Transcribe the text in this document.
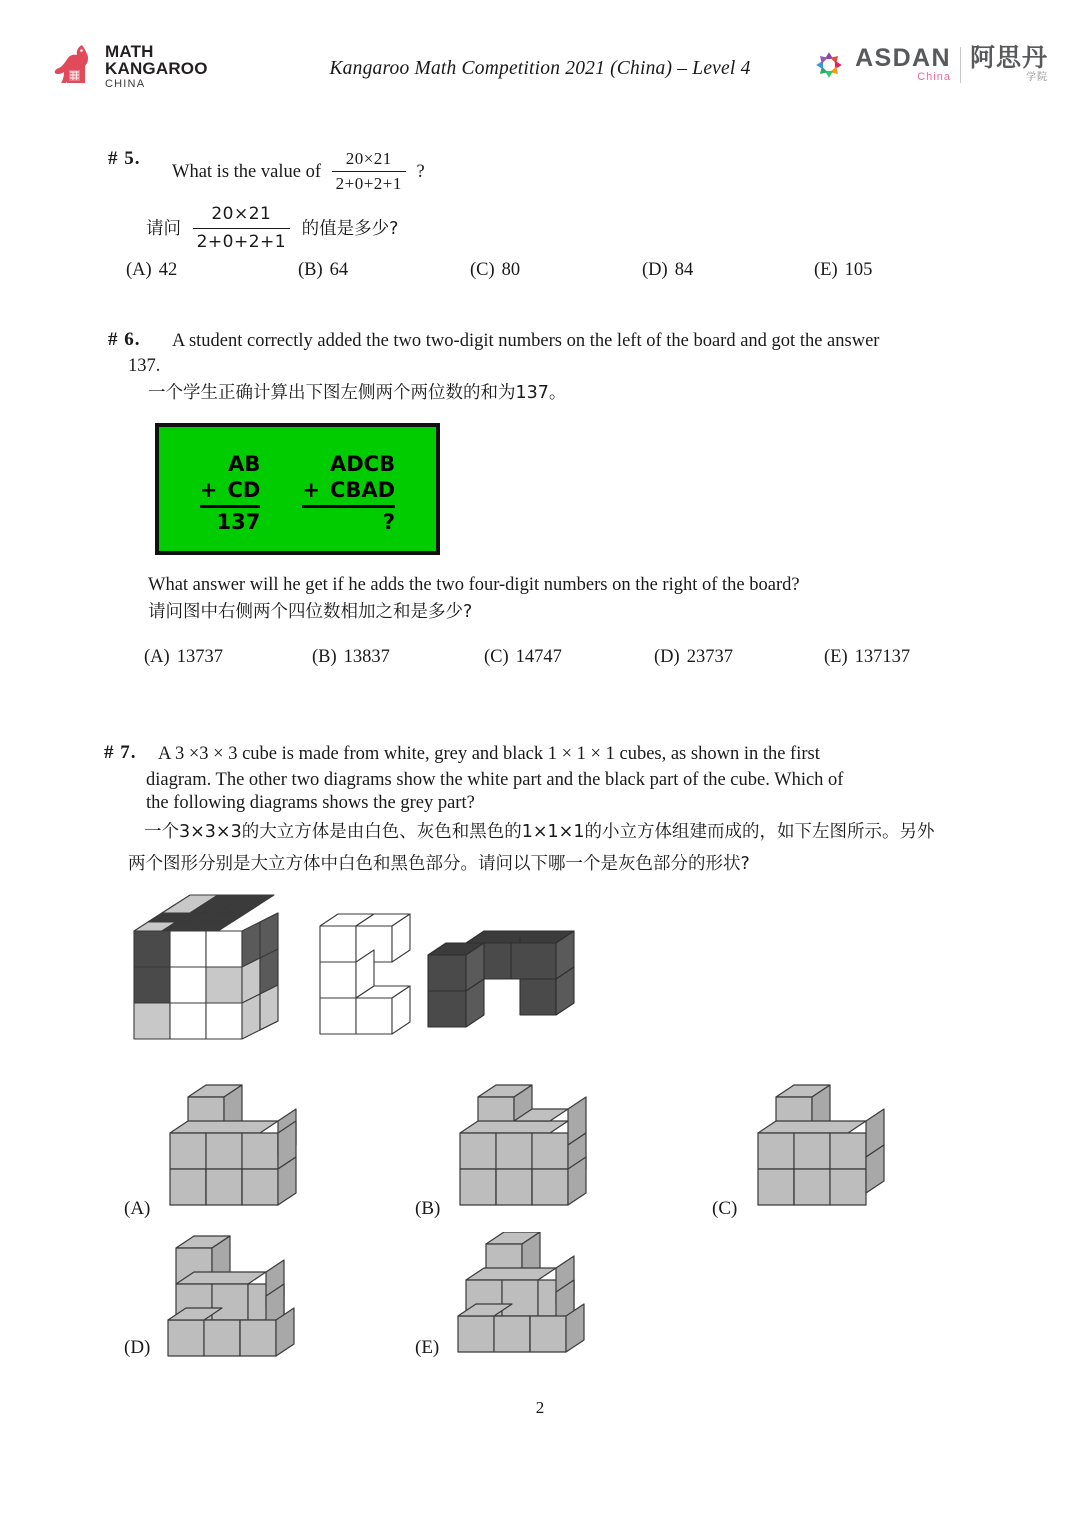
MATH
KANGAROO
CHINA
Kangaroo Math Competition 2021 (China) – Level 4	ASDAN
China
阿思丹
学院
# 5.
What is the value of $\frac{20\times 21}{2+0+2+1}$ ?
请问 $\frac{20\times 21}{2+0+2+1}$ 的值是多少?
(A) 42	(B) 64	(C) 80	(D) 84	(E) 105
# 6. A student correctly added the two two-digit numbers on the left of the board and got the answer
137.
一个学生正确计算出下图左侧两个两位数的和为137。
AB
+ CD
137
ADCB
+ CBAD
?
What answer will he get if he adds the two four-digit numbers on the right of the board?
请问图中右侧两个四位数相加之和是多少?
(A) 13737	(B) 13837	(C) 14747	(D) 23737	(E) 137137
# 7. A 3 ×3 × 3 cube is made from white, grey and black 1 × 1 × 1 cubes, as shown in the first
diagram. The other two diagrams show the white part and the black part of the cube. Which of
the following diagrams shows the grey part?
一个3×3×3的大立方体是由白色、灰色和黑色的1×1×1的小立方体组建而成的，如下左图所示。另外
两个图形分别是大立方体中白色和黑色部分。请问以下哪一个是灰色部分的形状?
(A)	(B)	(C)
(D)	(E)
2
